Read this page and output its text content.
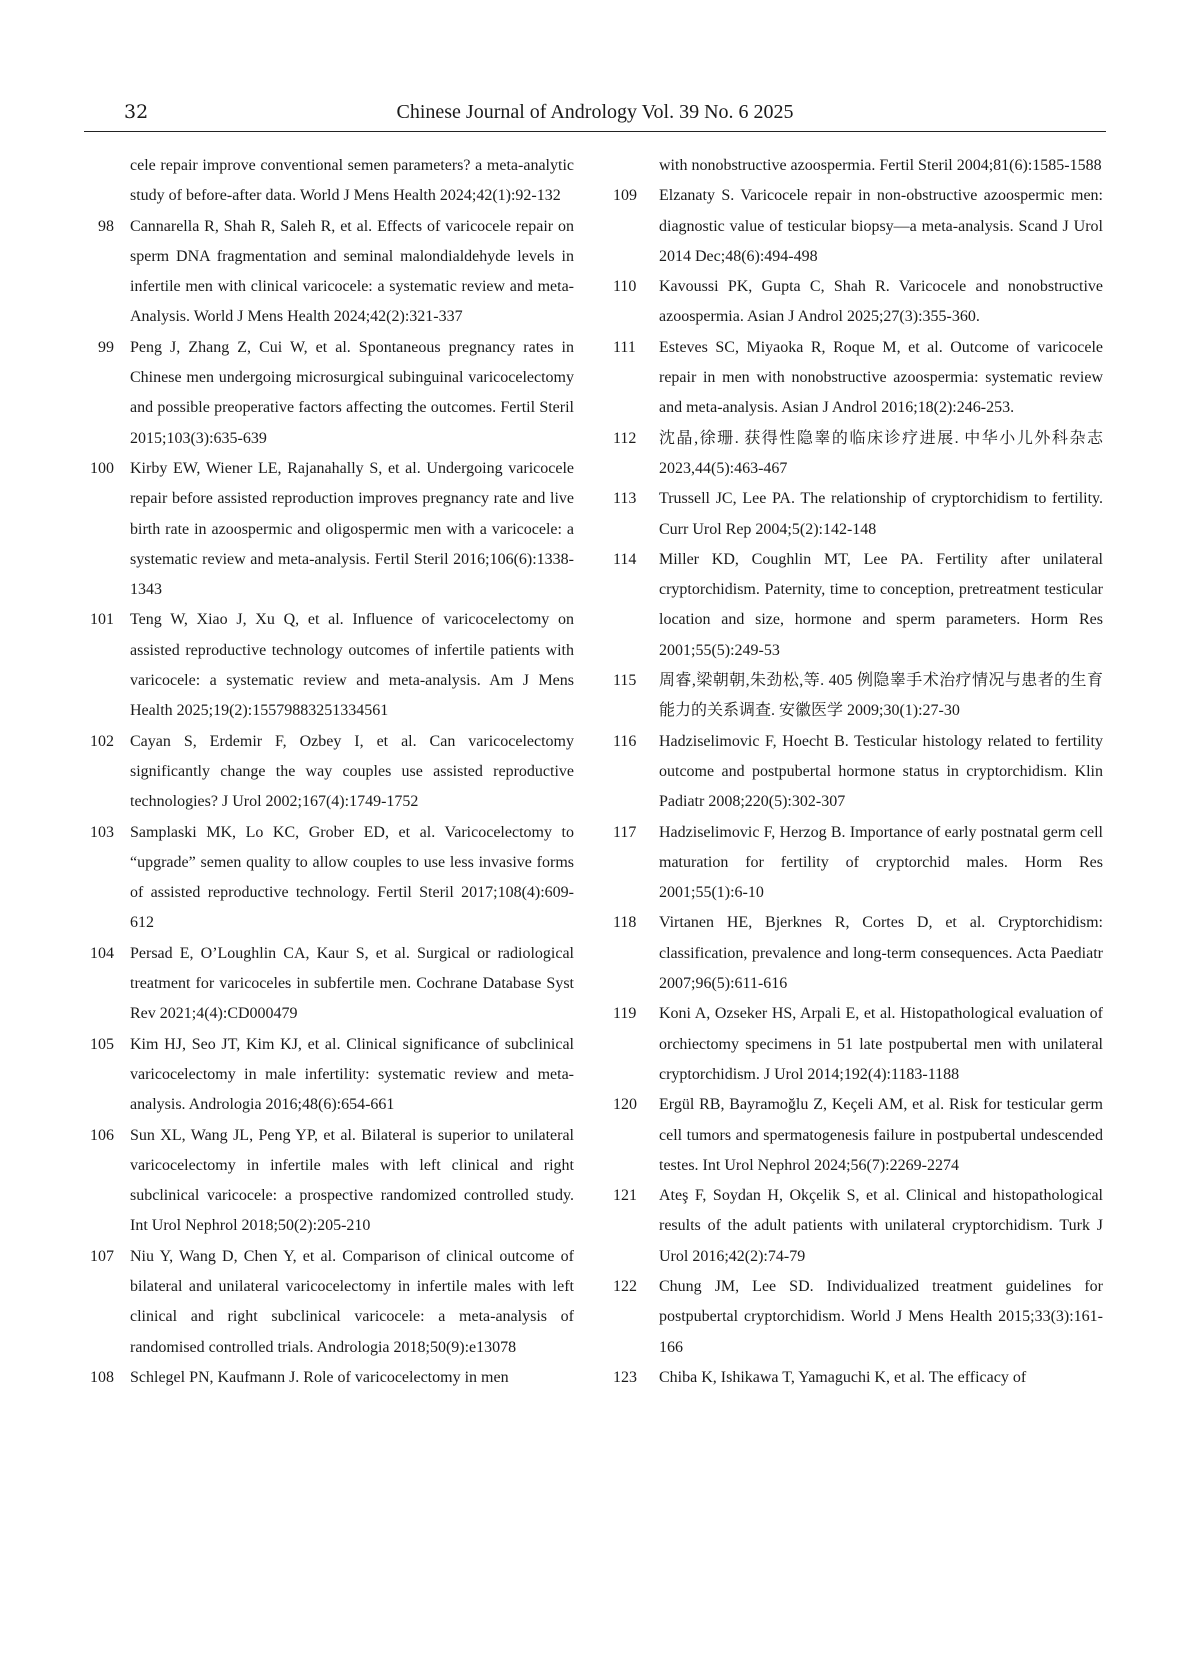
32	Chinese Journal of Andrology Vol. 39 No. 6 2025
cele repair improve conventional semen parameters? a meta-analytic study of before-after data. World J Mens Health 2024;42(1):92-132
98	Cannarella R, Shah R, Saleh R, et al. Effects of varicocele repair on sperm DNA fragmentation and seminal malondialdehyde levels in infertile men with clinical varicocele: a systematic review and meta-Analysis. World J Mens Health 2024;42(2):321-337
99	Peng J, Zhang Z, Cui W, et al. Spontaneous pregnancy rates in Chinese men undergoing microsurgical subinguinal varicocelectomy and possible preoperative factors affecting the outcomes. Fertil Steril 2015;103(3):635-639
100	Kirby EW, Wiener LE, Rajanahally S, et al. Undergoing varicocele repair before assisted reproduction improves pregnancy rate and live birth rate in azoospermic and oligospermic men with a varicocele: a systematic review and meta-analysis. Fertil Steril 2016;106(6):1338-1343
101	Teng W, Xiao J, Xu Q, et al. Influence of varicocelectomy on assisted reproductive technology outcomes of infertile patients with varicocele: a systematic review and meta-analysis. Am J Mens Health 2025;19(2):15579883251334561
102	Cayan S, Erdemir F, Ozbey I, et al. Can varicocelectomy significantly change the way couples use assisted reproductive technologies? J Urol 2002;167(4):1749-1752
103	Samplaski MK, Lo KC, Grober ED, et al. Varicocelectomy to “upgrade” semen quality to allow couples to use less invasive forms of assisted reproductive technology. Fertil Steril 2017;108(4):609-612
104	Persad E, O’Loughlin CA, Kaur S, et al. Surgical or radiological treatment for varicoceles in subfertile men. Cochrane Database Syst Rev 2021;4(4):CD000479
105	Kim HJ, Seo JT, Kim KJ, et al. Clinical significance of subclinical varicocelectomy in male infertility: systematic review and meta-analysis. Andrologia 2016;48(6):654-661
106	Sun XL, Wang JL, Peng YP, et al. Bilateral is superior to unilateral varicocelectomy in infertile males with left clinical and right subclinical varicocele: a prospective randomized controlled study. Int Urol Nephrol 2018;50(2):205-210
107	Niu Y, Wang D, Chen Y, et al. Comparison of clinical outcome of bilateral and unilateral varicocelectomy in infertile males with left clinical and right subclinical varicocele: a meta-analysis of randomised controlled trials. Andrologia 2018;50(9):e13078
108	Schlegel PN, Kaufmann J. Role of varicocelectomy in men
with nonobstructive azoospermia. Fertil Steril 2004;81(6):1585-1588
109	Elzanaty S. Varicocele repair in non-obstructive azoospermic men: diagnostic value of testicular biopsy—a meta-analysis. Scand J Urol 2014 Dec;48(6):494-498
110	Kavoussi PK, Gupta C, Shah R. Varicocele and nonobstructive azoospermia. Asian J Androl 2025;27(3):355-360.
111	Esteves SC, Miyaoka R, Roque M, et al. Outcome of varicocele repair in men with nonobstructive azoospermia: systematic review and meta-analysis. Asian J Androl 2016;18(2):246-253.
112	沈晶,徐珊. 获得性隐睾的临床诊疗进展. 中华小儿外科杂志 2023,44(5):463-467
113	Trussell JC, Lee PA. The relationship of cryptorchidism to fertility. Curr Urol Rep 2004;5(2):142-148
114	Miller KD, Coughlin MT, Lee PA. Fertility after unilateral cryptorchidism. Paternity, time to conception, pretreatment testicular location and size, hormone and sperm parameters. Horm Res 2001;55(5):249-53
115	周睿,梁朝朝,朱劲松,等. 405 例隐睾手术治疗情况与患者的生育能力的关系调查. 安徽医学 2009;30(1):27-30
116	Hadziselimovic F, Hoecht B. Testicular histology related to fertility outcome and postpubertal hormone status in cryptorchidism. Klin Padiatr 2008;220(5):302-307
117	Hadziselimovic F, Herzog B. Importance of early postnatal germ cell maturation for fertility of cryptorchid males. Horm Res 2001;55(1):6-10
118	Virtanen HE, Bjerknes R, Cortes D, et al. Cryptorchidism: classification, prevalence and long-term consequences. Acta Paediatr 2007;96(5):611-616
119	Koni A, Ozseker HS, Arpali E, et al. Histopathological evaluation of orchiectomy specimens in 51 late postpubertal men with unilateral cryptorchidism. J Urol 2014;192(4):1183-1188
120	Ergül RB, Bayramoğlu Z, Keçeli AM, et al. Risk for testicular germ cell tumors and spermatogenesis failure in postpubertal undescended testes. Int Urol Nephrol 2024;56(7):2269-2274
121	Ateş F, Soydan H, Okçelik S, et al. Clinical and histopathological results of the adult patients with unilateral cryptorchidism. Turk J Urol 2016;42(2):74-79
122	Chung JM, Lee SD. Individualized treatment guidelines for postpubertal cryptorchidism. World J Mens Health 2015;33(3):161-166
123	Chiba K, Ishikawa T, Yamaguchi K, et al. The efficacy of
